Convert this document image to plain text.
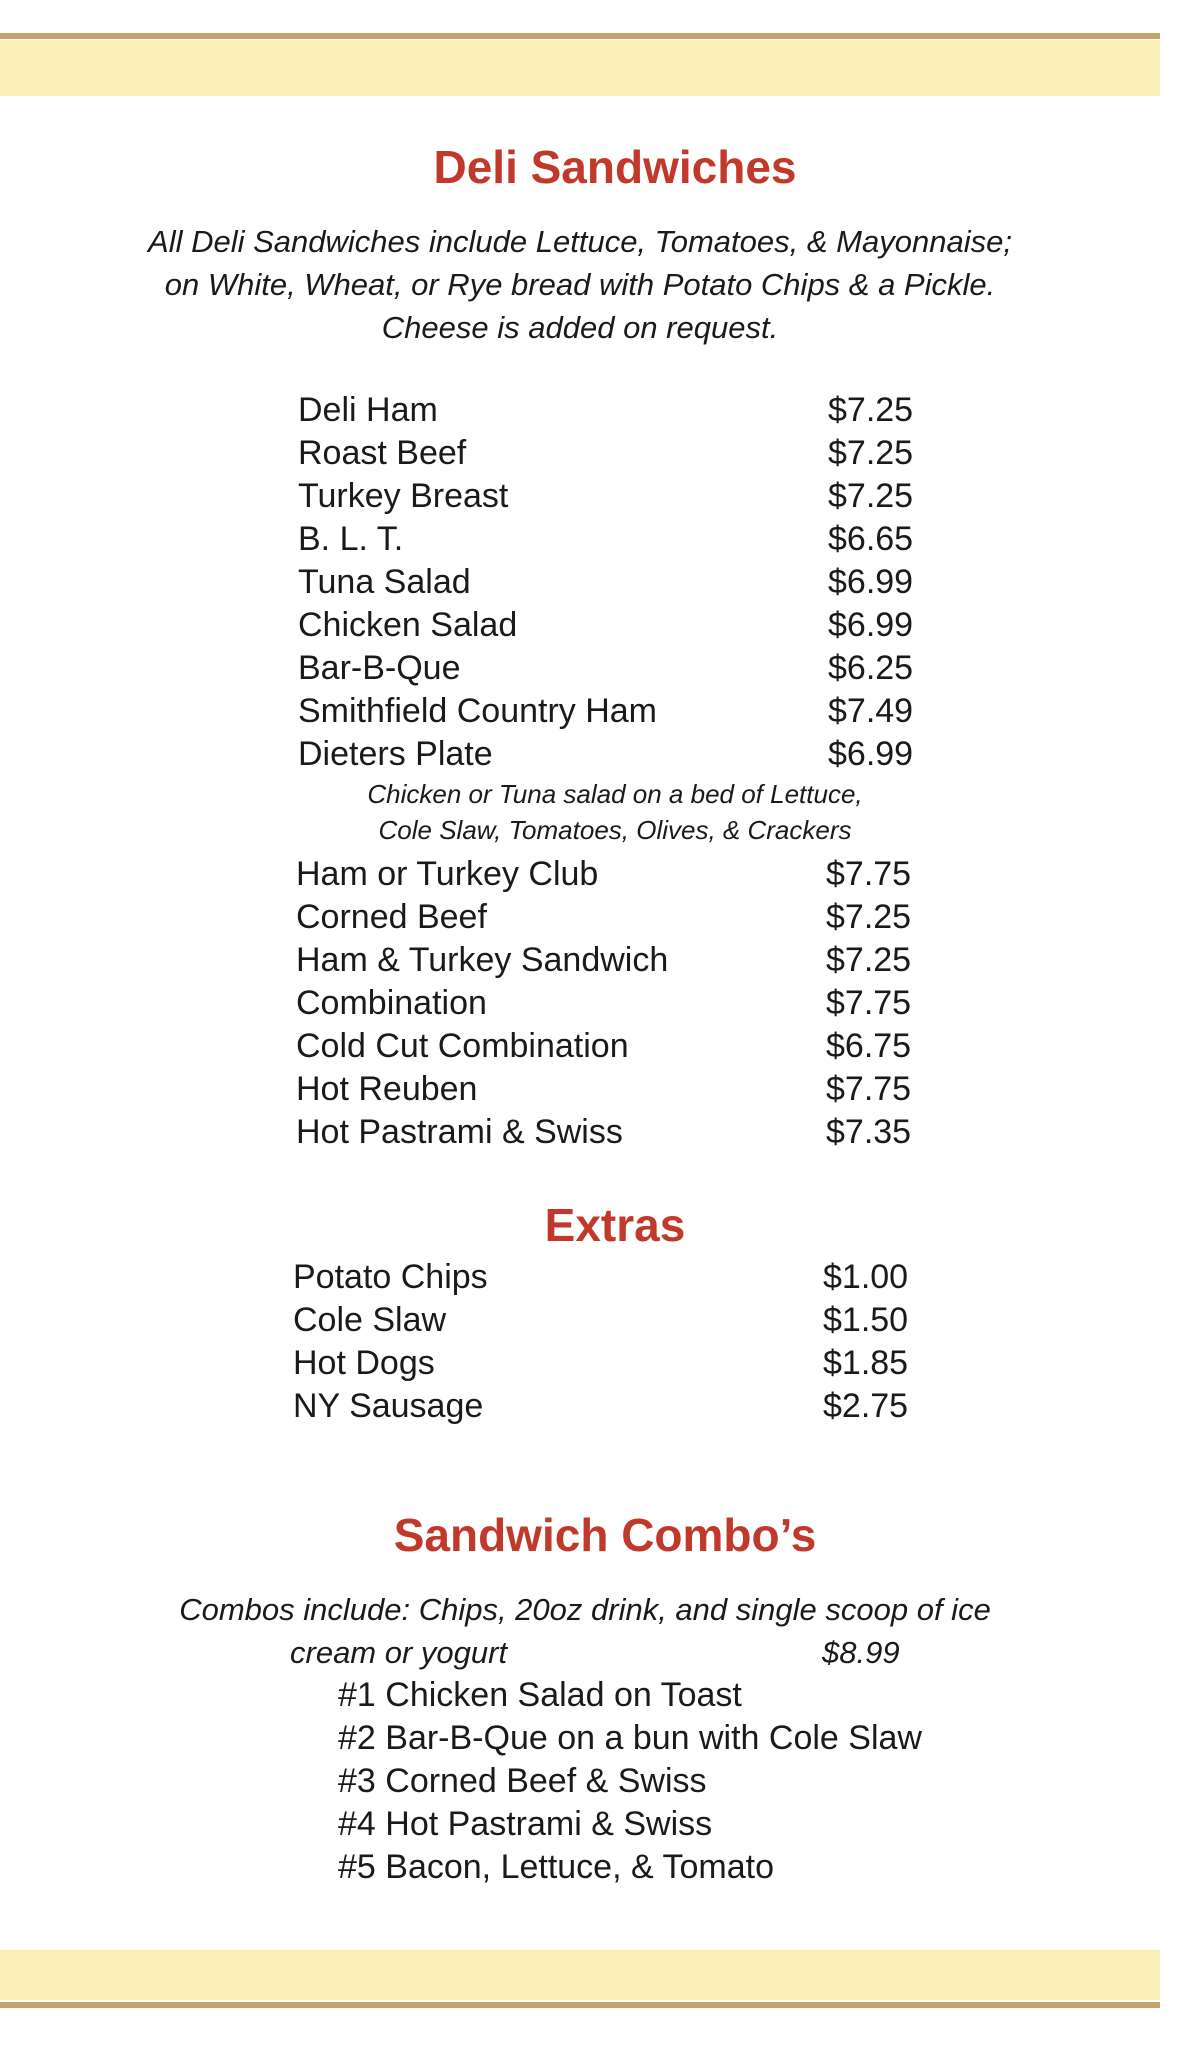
Deli Sandwiches
All Deli Sandwiches include Lettuce, Tomatoes, & Mayonnaise;
on White, Wheat, or Rye bread with Potato Chips & a Pickle.
Cheese is added on request.
Deli Ham	$7.25
Roast Beef	$7.25
Turkey Breast	$7.25
B. L. T.	$6.65
Tuna Salad	$6.99
Chicken Salad	$6.99
Bar-B-Que	$6.25
Smithfield Country Ham	$7.49
Dieters Plate	$6.99
Chicken or Tuna salad on a bed of Lettuce,
Cole Slaw, Tomatoes, Olives, & Crackers
Ham or Turkey Club	$7.75
Corned Beef	$7.25
Ham & Turkey Sandwich	$7.25
Combination	$7.75
Cold Cut Combination	$6.75
Hot Reuben	$7.75
Hot Pastrami & Swiss	$7.35
Extras
Potato Chips	$1.00
Cole Slaw	$1.50
Hot Dogs	$1.85
NY Sausage	$2.75
Sandwich Combo’s
Combos include: Chips, 20oz drink, and single scoop of ice
cream or yogurt	$8.99
#1 Chicken Salad on Toast
#2 Bar-B-Que on a bun with Cole Slaw
#3 Corned Beef & Swiss
#4 Hot Pastrami & Swiss
#5 Bacon, Lettuce, & Tomato
